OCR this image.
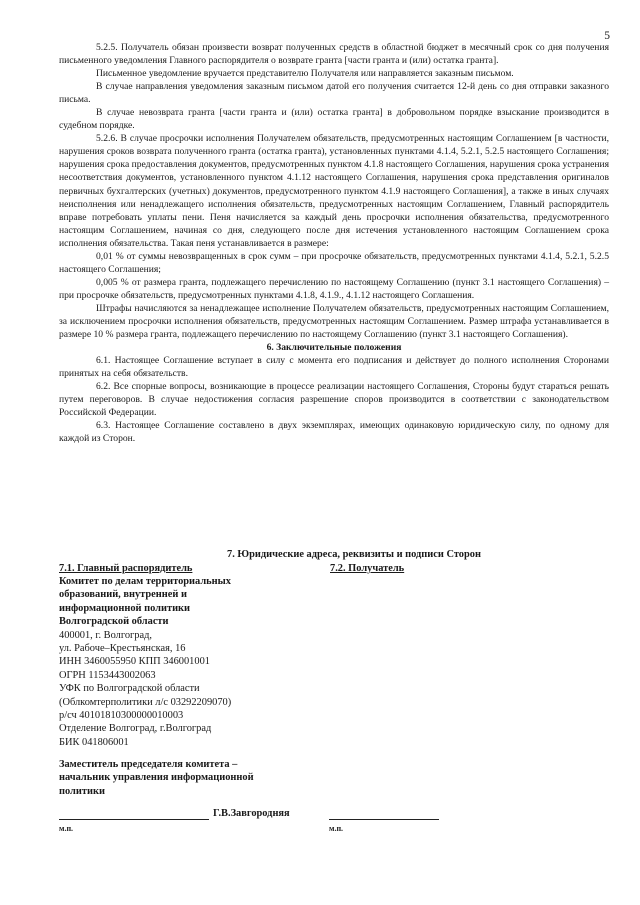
5

5.2.5. Получатель обязан произвести возврат полученных средств в областной бюджет в месячный срок со дня получения письменного уведомления Главного распорядителя о возврате гранта [части гранта и (или) остатка гранта].

Письменное уведомление вручается представителю Получателя или направляется заказным письмом.

В случае направления уведомления заказным письмом датой его получения считается 12-й день со дня отправки заказного письма.

В случае невозврата гранта [части гранта и (или) остатка гранта] в добровольном порядке взыскание производится в судебном порядке.

5.2.6. В случае просрочки исполнения Получателем обязательств, предусмотренных настоящим Соглашением [в частности, нарушения сроков возврата полученного гранта (остатка гранта), установленных пунктами 4.1.4, 5.2.1, 5.2.5 настоящего Соглашения; нарушения срока предоставления документов, предусмотренных пунктом 4.1.8 настоящего Соглашения, нарушения срока устранения несоответствия документов, установленного пунктом 4.1.12 настоящего Соглашения, нарушения срока представления оригиналов первичных бухгалтерских (учетных) документов, предусмотренного пунктом 4.1.9 настоящего Соглашения], а также в иных случаях неисполнения или ненадлежащего исполнения обязательств, предусмотренных настоящим Соглашением, Главный распорядитель вправе потребовать уплаты пени. Пеня начисляется за каждый день просрочки исполнения обязательства, предусмотренного настоящим Соглашением, начиная со дня, следующего после дня истечения установленного настоящим Соглашением срока исполнения обязательства. Такая пеня устанавливается в размере:

0,01 % от суммы невозвращенных в срок сумм – при просрочке обязательств, предусмотренных пунктами 4.1.4, 5.2.1, 5.2.5 настоящего Соглашения;

0,005 % от размера гранта, подлежащего перечислению по настоящему Соглашению (пункт 3.1 настоящего Соглашения) – при просрочке обязательств, предусмотренных пунктами 4.1.8, 4.1.9., 4.1.12 настоящего Соглашения.

Штрафы начисляются за ненадлежащее исполнение Получателем обязательств, предусмотренных настоящим Соглашением, за исключением просрочки исполнения обязательств, предусмотренных настоящим Соглашением. Размер штрафа устанавливается в размере 10 % размера гранта, подлежащего перечислению по настоящему Соглашению (пункт 3.1 настоящего Соглашения).

6. Заключительные положения

6.1. Настоящее Соглашение вступает в силу с момента его подписания и действует до полного исполнения Сторонами принятых на себя обязательств.

6.2. Все спорные вопросы, возникающие в процессе реализации настоящего Соглашения, Стороны будут стараться решать путем переговоров. В случае недостижения согласия разрешение споров производится в соответствии с законодательством Российской Федерации.

6.3. Настоящее Соглашение составлено в двух экземплярах, имеющих одинаковую юридическую силу, по одному для каждой из Сторон.

7. Юридические адреса, реквизиты и подписи Сторон
7.1. Главный распорядитель	7.2. Получатель
Комитет по делам территориальных
образований, внутренней и
информационной политики
Волгоградской области
400001, г. Волгоград,
ул. Рабоче–Крестьянская, 16
ИНН 3460055950 КПП 346001001
ОГРН 1153443002063
УФК по Волгоградской области
(Облкомтерполитики л/с 03292209070)
р/сч 40101810300000010003
Отделение Волгоград, г.Волгоград
БИК 041806001
Заместитель председателя комитета –
начальник управления информационной
политики
Г.В.Завгородняя
м.п.	м.п.
